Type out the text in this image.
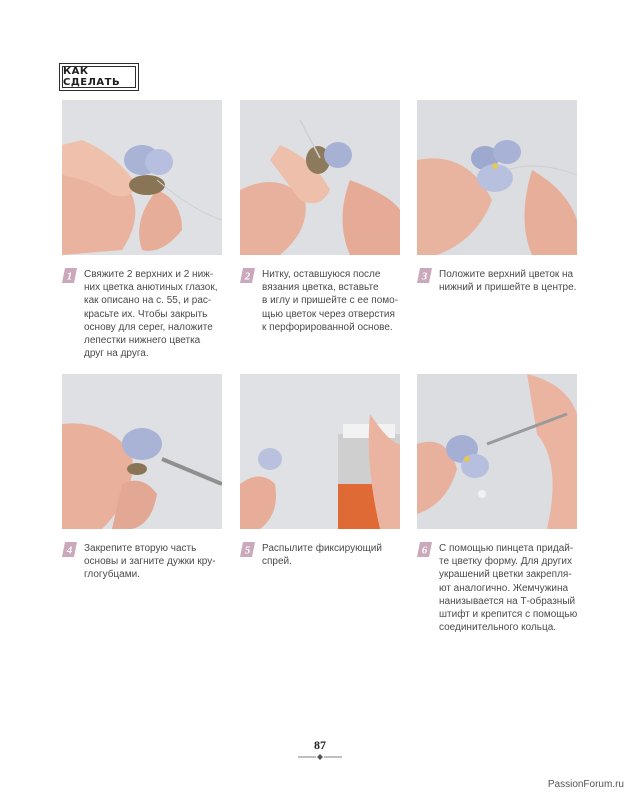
КАК СДЕЛАТЬ
1 Свяжите 2 верхних и 2 ниж-
них цветка анютиных глазок,
как описано на с. 55, и рас-
красьте их. Чтобы закрыть
основу для серег, наложите
лепестки нижнего цветка
друг на друга.

2 Нитку, оставшуюся после
вязания цветка, вставьте
в иглу и пришейте с ее помо-
щью цветок через отверстия
к перфорированной основе.

3 Положите верхний цветок на
нижний и пришейте в центре.

4 Закрепите вторую часть
основы и загните дужки кру-
глогубцами.

5 Распылите фиксирующий
спрей.

6 С помощью пинцета придай-
те цветку форму. Для других
украшений цветки закрепля-
ют аналогично. Жемчужина
нанизывается на Т-образный
штифт и крепится с помощью
соединительного кольца.

87
PassionForum.ru
